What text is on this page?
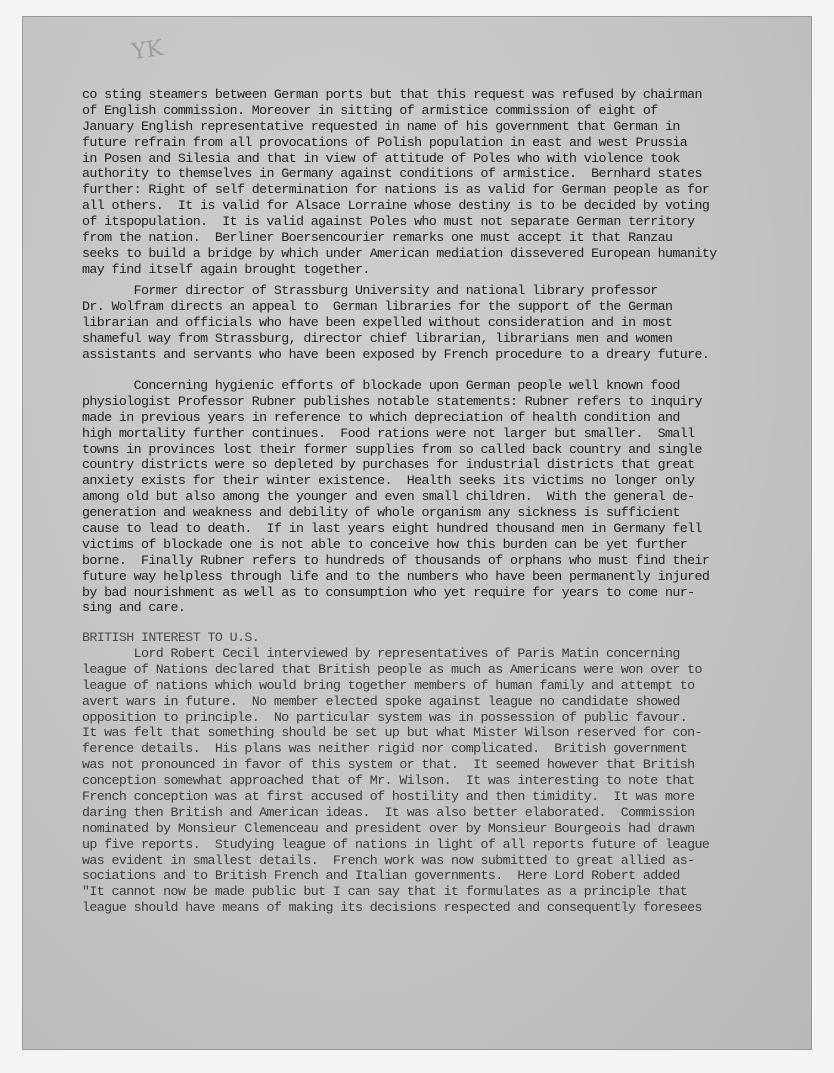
YK
co sting steamers between German ports but that this request was refused by chairman
of English commission. Moreover in sitting of armistice commission of eight of
January English representative requested in name of his government that German in
future refrain from all provocations of Polish population in east and west Prussia
in Posen and Silesia and that in view of attitude of Poles who with violence took
authority to themselves in Germany against conditions of armistice.  Bernhard states
further: Right of self determination for nations is as valid for German people as for
all others.  It is valid for Alsace Lorraine whose destiny is to be decided by voting
of itspopulation.  It is valid against Poles who must not separate German territory
from the nation.  Berliner Boersencourier remarks one must accept it that Ranzau
seeks to build a bridge by which under American mediation dissevered European humanity
may find itself again brought together.
Former director of Strassburg University and national library professor
Dr. Wolfram directs an appeal to  German libraries for the support of the German
librarian and officials who have been expelled without consideration and in most
shameful way from Strassburg, director chief librarian, librarians men and women
assistants and servants who have been exposed by French procedure to a dreary future.
Concerning hygienic efforts of blockade upon German people well known food
physiologist Professor Rubner publishes notable statements: Rubner refers to inquiry
made in previous years in reference to which depreciation of health condition and
high mortality further continues.  Food rations were not larger but smaller.  Small
towns in provinces lost their former supplies from so called back country and single
country districts were so depleted by purchases for industrial districts that great
anxiety exists for their winter existence.  Health seeks its victims no longer only
among old but also among the younger and even small children.  With the general de-
generation and weakness and debility of whole organism any sickness is sufficient
cause to lead to death.  If in last years eight hundred thousand men in Germany fell
victims of blockade one is not able to conceive how this burden can be yet further
borne.  Finally Rubner refers to hundreds of thousands of orphans who must find their
future way helpless through life and to the numbers who have been permanently injured
by bad nourishment as well as to consumption who yet require for years to come nur-
sing and care.
BRITISH INTEREST TO U.S.
Lord Robert Cecil interviewed by representatives of Paris Matin concerning
league of Nations declared that British people as much as Americans were won over to
league of nations which would bring together members of human family and attempt to
avert wars in future.  No member elected spoke against league no candidate showed
opposition to principle.  No particular system was in possession of public favour.
It was felt that something should be set up but what Mister Wilson reserved for con-
ference details.  His plans was neither rigid nor complicated.  British government
was not pronounced in favor of this system or that.  It seemed however that British
conception somewhat approached that of Mr. Wilson.  It was interesting to note that
French conception was at first accused of hostility and then timidity.  It was more
daring then British and American ideas.  It was also better elaborated.  Commission
nominated by Monsieur Clemenceau and president over by Monsieur Bourgeois had drawn
up five reports.  Studying league of nations in light of all reports future of league
was evident in smallest details.  French work was now submitted to great allied as-
sociations and to British French and Italian governments.  Here Lord Robert added
"It cannot now be made public but I can say that it formulates as a principle that
league should have means of making its decisions respected and consequently foresees
